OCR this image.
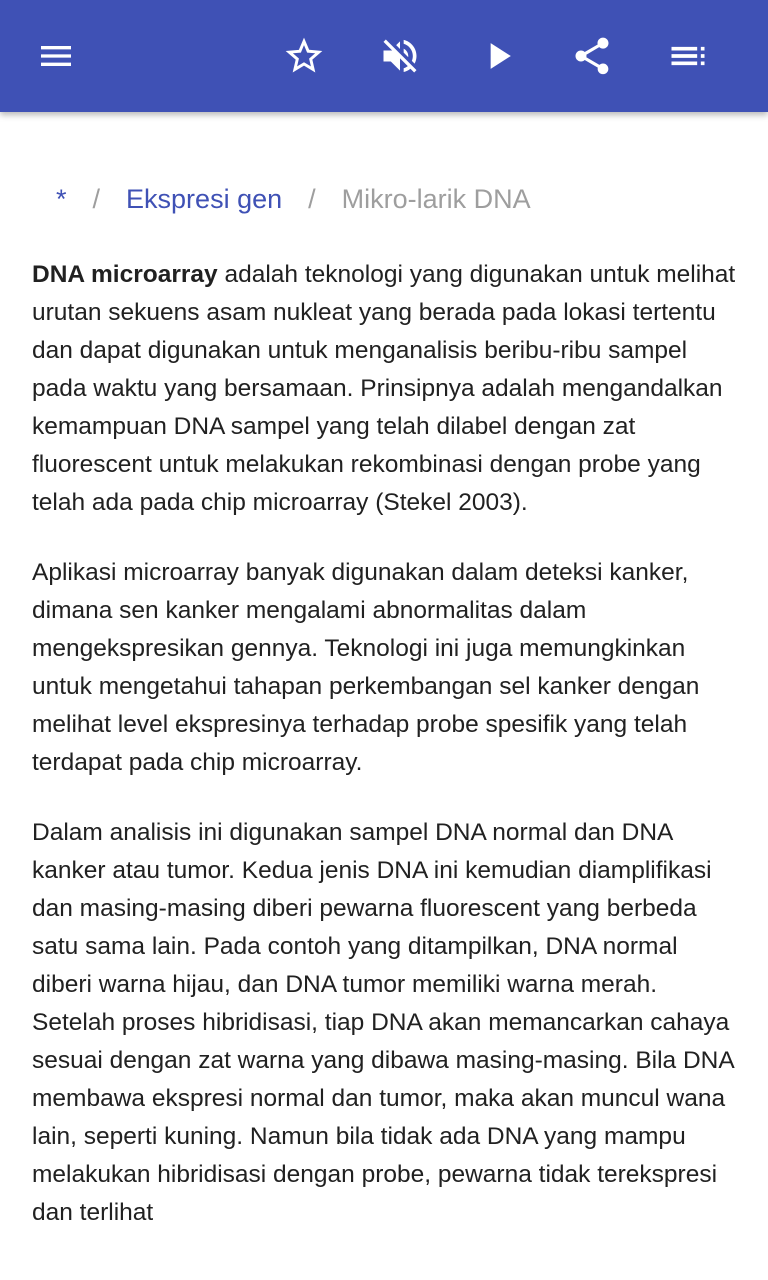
* / Ekspresi gen / Mikro-larik DNA

DNA microarray adalah teknologi yang digunakan untuk melihat urutan sekuens asam nukleat yang berada pada lokasi tertentu dan dapat digunakan untuk menganalisis beribu-ribu sampel pada waktu yang bersamaan. Prinsipnya adalah mengandalkan kemampuan DNA sampel yang telah dilabel dengan zat fluorescent untuk melakukan rekombinasi dengan probe yang telah ada pada chip microarray (Stekel 2003).

Aplikasi microarray banyak digunakan dalam deteksi kanker, dimana sen kanker mengalami abnormalitas dalam mengekspresikan gennya. Teknologi ini juga memungkinkan untuk mengetahui tahapan perkembangan sel kanker dengan melihat level ekspresinya terhadap probe spesifik yang telah terdapat pada chip microarray.

Dalam analisis ini digunakan sampel DNA normal dan DNA kanker atau tumor. Kedua jenis DNA ini kemudian diamplifikasi dan masing-masing diberi pewarna fluorescent yang berbeda satu sama lain. Pada contoh yang ditampilkan, DNA normal diberi warna hijau, dan DNA tumor memiliki warna merah. Setelah proses hibridisasi, tiap DNA akan memancarkan cahaya sesuai dengan zat warna yang dibawa masing-masing. Bila DNA membawa ekspresi normal dan tumor, maka akan muncul wana lain, seperti kuning. Namun bila tidak ada DNA yang mampu melakukan hibridisasi dengan probe, pewarna tidak terekspresi dan terlihat
